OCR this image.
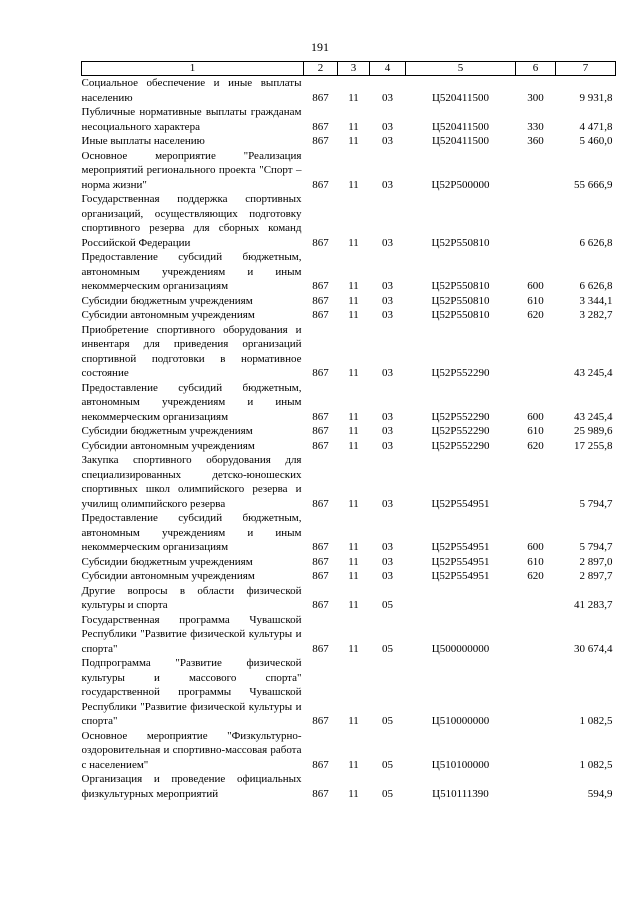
191
1	2	3	4	5	6	7
Социальное обеспечение и иные выплаты населению	867	11	03	Ц520411500	300	9 931,8
Публичные нормативные выплаты гражданам несоциального характера	867	11	03	Ц520411500	330	4 471,8
Иные выплаты населению	867	11	03	Ц520411500	360	5 460,0
Основное мероприятие "Реализация мероприятий регионального проекта "Спорт – норма жизни"	867	11	03	Ц52P500000		55 666,9
Государственная поддержка спортивных организаций, осуществляющих подготовку спортивного резерва для сборных команд Российской Федерации	867	11	03	Ц52P550810		6 626,8
Предоставление субсидий бюджетным, автономным учреждениям и иным некоммерческим организациям	867	11	03	Ц52P550810	600	6 626,8
Субсидии бюджетным учреждениям	867	11	03	Ц52P550810	610	3 344,1
Субсидии автономным учреждениям	867	11	03	Ц52P550810	620	3 282,7
Приобретение спортивного оборудования и инвентаря для приведения организаций спортивной подготовки в нормативное состояние	867	11	03	Ц52P552290		43 245,4
Предоставление субсидий бюджетным, автономным учреждениям и иным некоммерческим организациям	867	11	03	Ц52P552290	600	43 245,4
Субсидии бюджетным учреждениям	867	11	03	Ц52P552290	610	25 989,6
Субсидии автономным учреждениям	867	11	03	Ц52P552290	620	17 255,8
Закупка спортивного оборудования для специализированных детско-юношеских спортивных школ олимпийского резерва и училищ олимпийского резерва	867	11	03	Ц52P554951		5 794,7
Предоставление субсидий бюджетным, автономным учреждениям и иным некоммерческим организациям	867	11	03	Ц52P554951	600	5 794,7
Субсидии бюджетным учреждениям	867	11	03	Ц52P554951	610	2 897,0
Субсидии автономным учреждениям	867	11	03	Ц52P554951	620	2 897,7
Другие вопросы в области физической культуры и спорта	867	11	05			41 283,7
Государственная программа Чувашской Республики "Развитие физической культуры и спорта"	867	11	05	Ц500000000		30 674,4
Подпрограмма "Развитие физической культуры и массового спорта" государственной программы Чувашской Республики "Развитие физической культуры и спорта"	867	11	05	Ц510000000		1 082,5
Основное мероприятие "Физкультурно-оздоровительная и спортивно-массовая работа с населением"	867	11	05	Ц510100000		1 082,5
Организация и проведение официальных физкультурных мероприятий	867	11	05	Ц510111390		594,9
